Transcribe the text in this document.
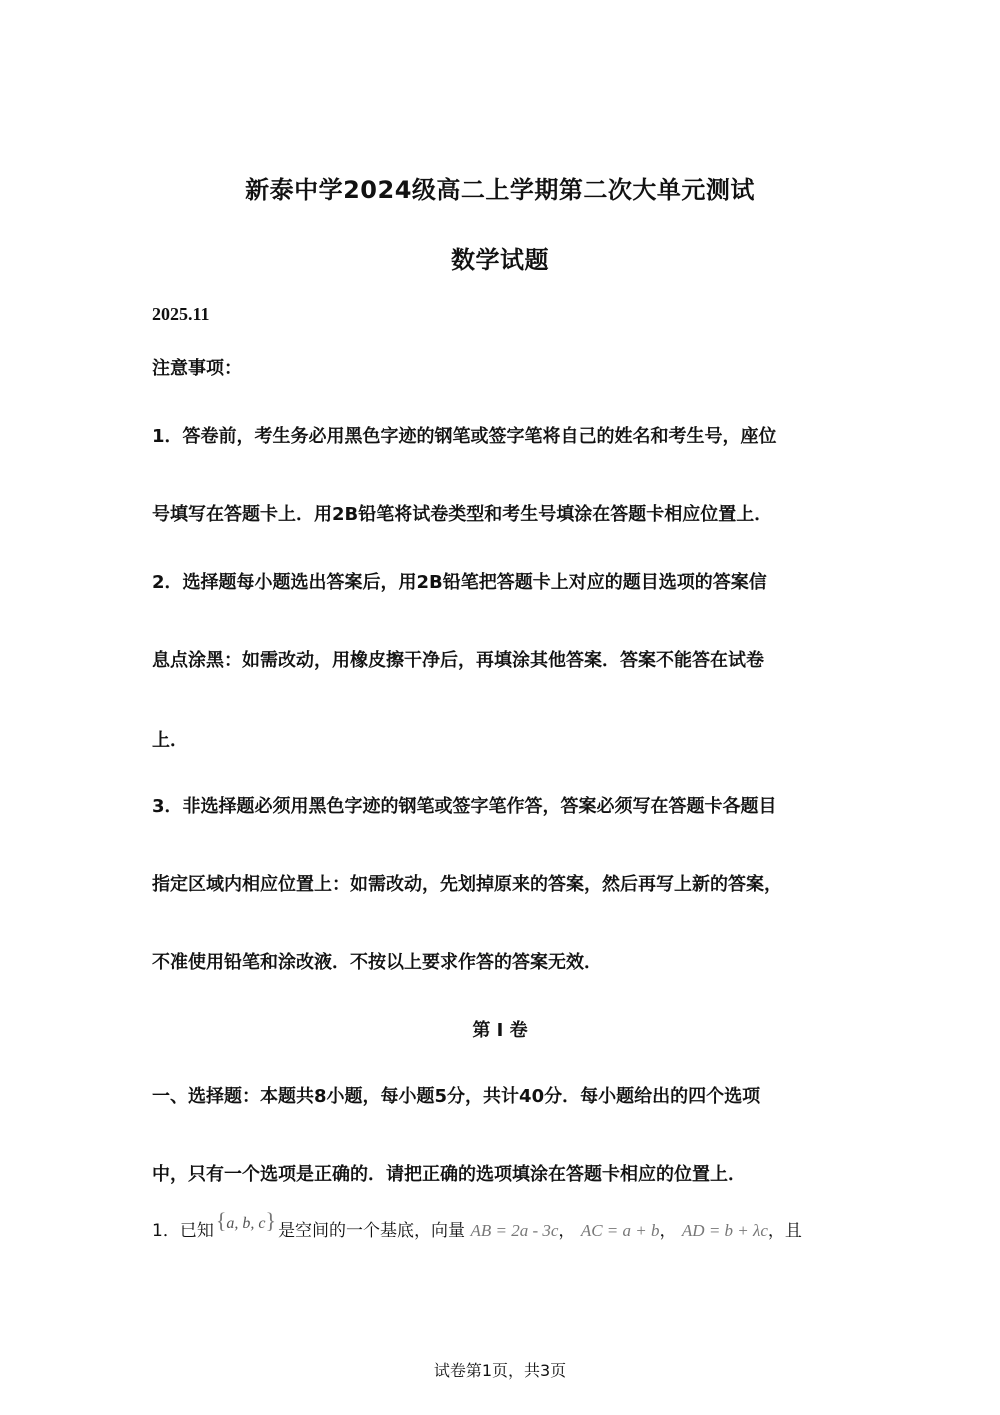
新泰中学2024级高二上学期第二次大单元测试
数学试题
2025.11
注意事项：
1．答卷前，考生务必用黑色字迹的钢笔或签字笔将自己的姓名和考生号，座位
号填写在答题卡上．用2B铅笔将试卷类型和考生号填涂在答题卡相应位置上．
2．选择题每小题选出答案后，用2B铅笔把答题卡上对应的题目选项的答案信
息点涂黑：如需改动，用橡皮擦干净后，再填涂其他答案．答案不能答在试卷
上．
3．非选择题必须用黑色字迹的钢笔或签字笔作答，答案必须写在答题卡各题目
指定区域内相应位置上：如需改动，先划掉原来的答案，然后再写上新的答案，
不准使用铅笔和涂改液．不按以上要求作答的答案无效．
第 I 卷
一、选择题：本题共8小题，每小题5分，共计40分．每小题给出的四个选项
中，只有一个选项是正确的．请把正确的选项填涂在答题卡相应的位置上．
1．已知{a, b, c} 是空间的一个基底，向量 AB = 2a - 3c， AC = a + b， AD = b + λc，且
试卷第1页，共3页
